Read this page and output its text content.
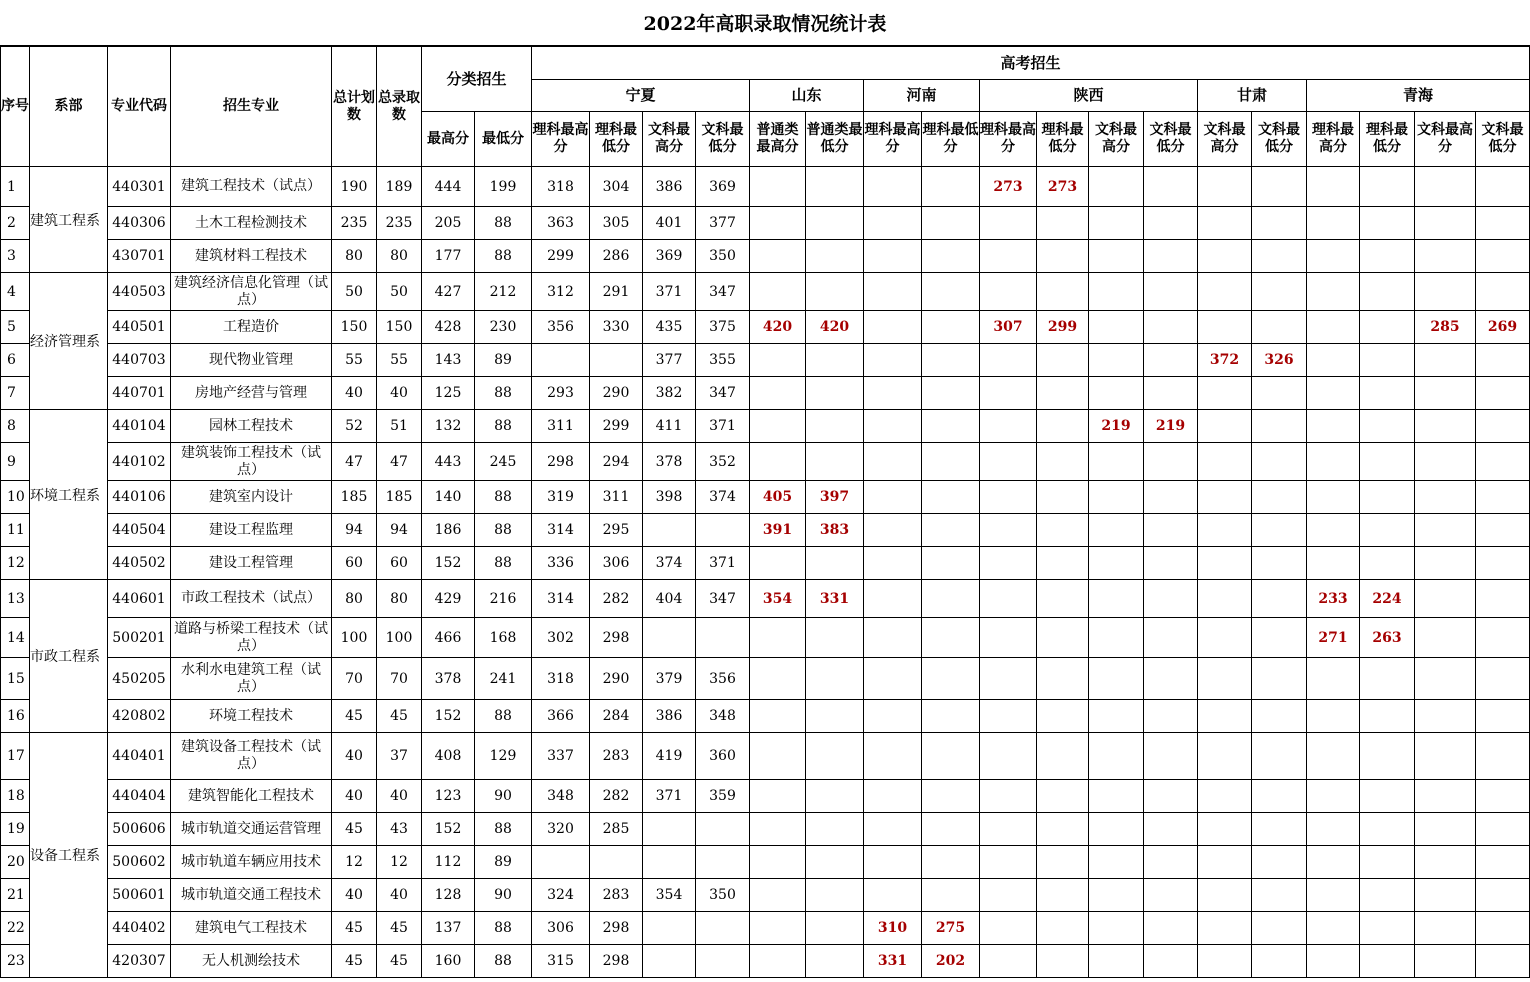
2022年高职录取情况统计表
序号	系部	专业代码	招生专业	总计划数	总录取数	分类招生		高考招生																	
								宁夏				山东		河南		陕西				甘肃		青海			
						最高分	最低分	理科最高分	理科最低分	文科最高分	文科最低分	普通类最高分	普通类最低分	理科最高分	理科最低分	理科最高分	理科最低分	文科最高分	文科最低分	文科最高分	文科最低分	理科最高分	理科最低分	文科最高分	文科最低分
1	建筑工程系	440301	建筑工程技术（试点）	190	189	444	199	318	304	386	369					273	273								
2		440306	土木工程检测技术	235	235	205	88	363	305	401	377														
3		430701	建筑材料工程技术	80	80	177	88	299	286	369	350														
4	经济管理系	440503	建筑经济信息化管理（试点）	50	50	427	212	312	291	371	347														
5		440501	工程造价	150	150	428	230	356	330	435	375	420	420			307	299							285	269
6		440703	现代物业管理	55	55	143	89			377	355									372	326				
7		440701	房地产经营与管理	40	40	125	88	293	290	382	347														
8	环境工程系	440104	园林工程技术	52	51	132	88	311	299	411	371							219	219						
9		440102	建筑装饰工程技术（试点）	47	47	443	245	298	294	378	352														
10		440106	建筑室内设计	185	185	140	88	319	311	398	374	405	397												
11		440504	建设工程监理	94	94	186	88	314	295			391	383												
12		440502	建设工程管理	60	60	152	88	336	306	374	371														
13	市政工程系	440601	市政工程技术（试点）	80	80	429	216	314	282	404	347	354	331									233	224		
14		500201	道路与桥梁工程技术（试点）	100	100	466	168	302	298													271	263		
15		450205	水利水电建筑工程（试点）	70	70	378	241	318	290	379	356														
16		420802	环境工程技术	45	45	152	88	366	284	386	348														
17	设备工程系	440401	建筑设备工程技术（试点）	40	37	408	129	337	283	419	360														
18		440404	建筑智能化工程技术	40	40	123	90	348	282	371	359														
19		500606	城市轨道交通运营管理	45	43	152	88	320	285																
20		500602	城市轨道车辆应用技术	12	12	112	89																		
21		500601	城市轨道交通工程技术	40	40	128	90	324	283	354	350														
22		440402	建筑电气工程技术	45	45	137	88	306	298					310	275										
23		420307	无人机测绘技术	45	45	160	88	315	298					331	202										
